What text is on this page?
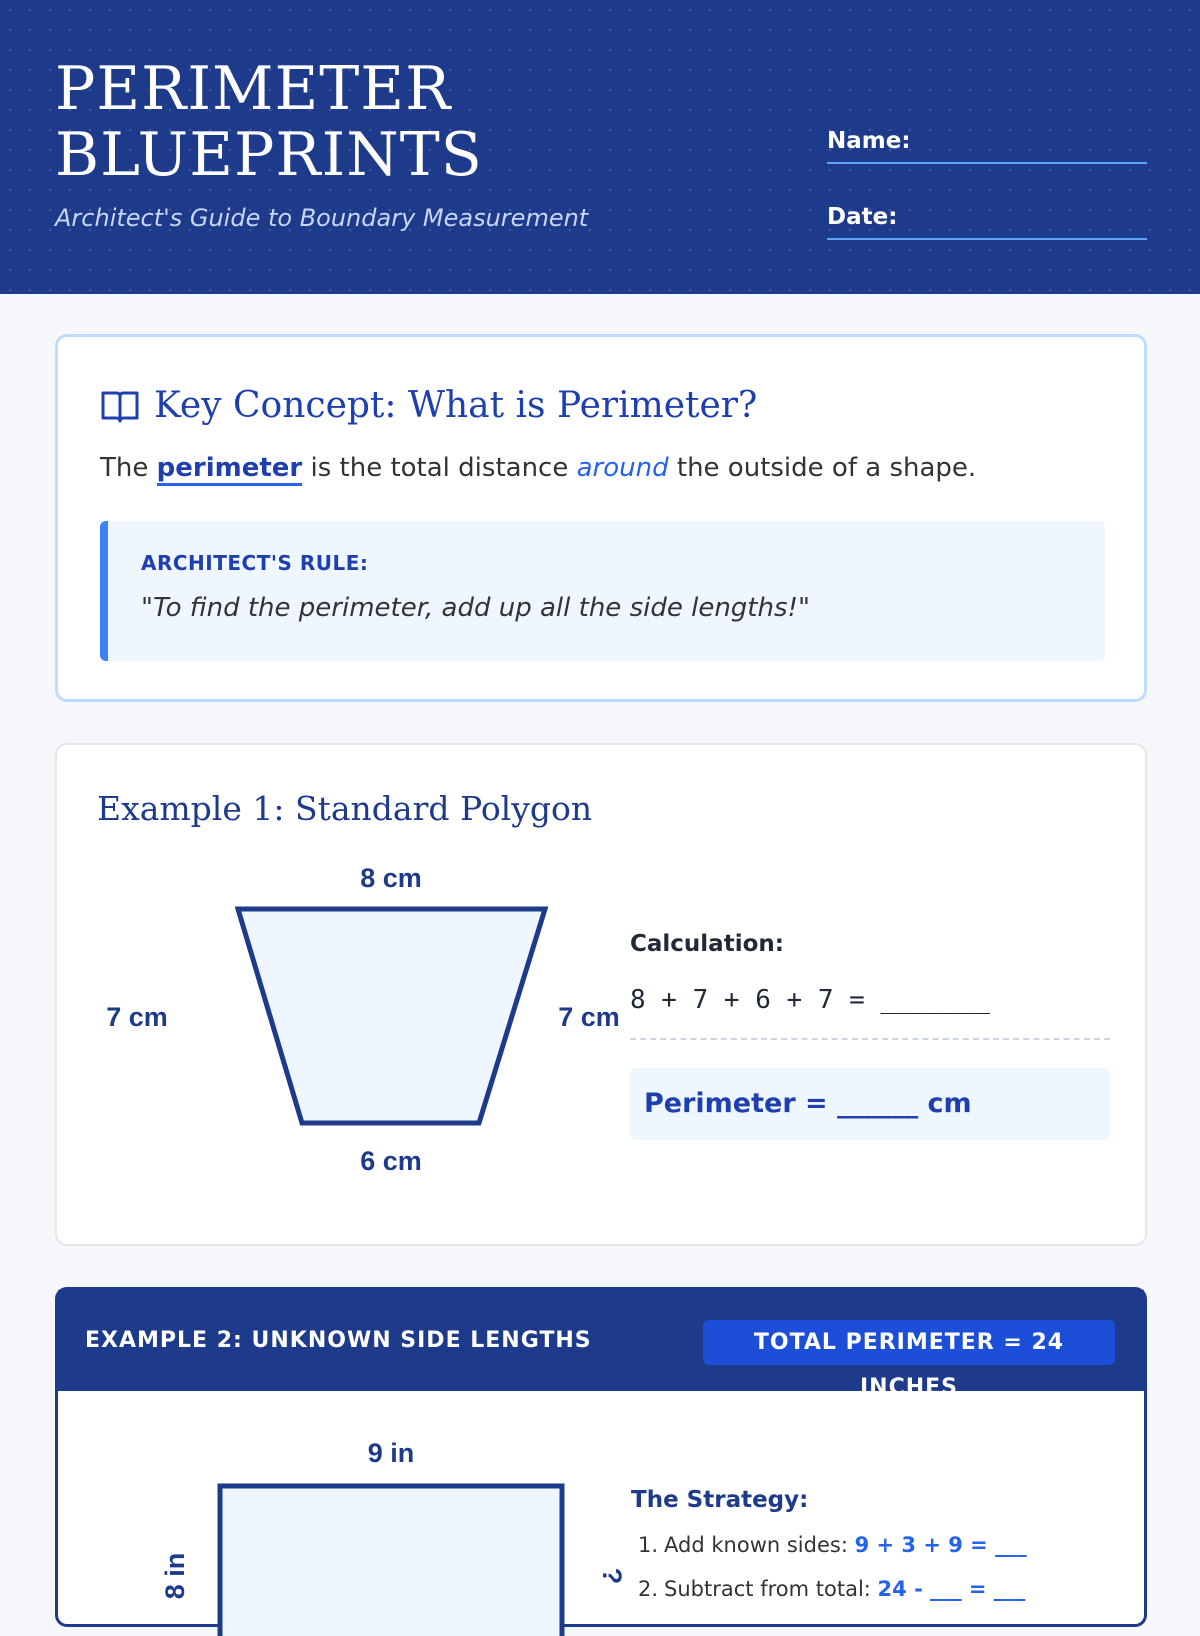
PERIMETER
BLUEPRINTS
Architect's Guide to Boundary Measurement
Name:
Date:
Key Concept: What is Perimeter?
The perimeter is the total distance around the outside of a shape.
ARCHITECT'S RULE:
"To find the perimeter, add up all the side lengths!"
Example 1: Standard Polygon
8 cm
7 cm	7 cm
6 cm
Calculation:
8 + 7 + 6 + 7 = _______
Perimeter = ______ cm
EXAMPLE 2: UNKNOWN SIDE LENGTHS	TOTAL PERIMETER = 24 INCHES
9 in
8 in	?
The Strategy:
1. Add known sides: 9 + 3 + 9 = ___
2. Subtract from total: 24 - ___ = ___
